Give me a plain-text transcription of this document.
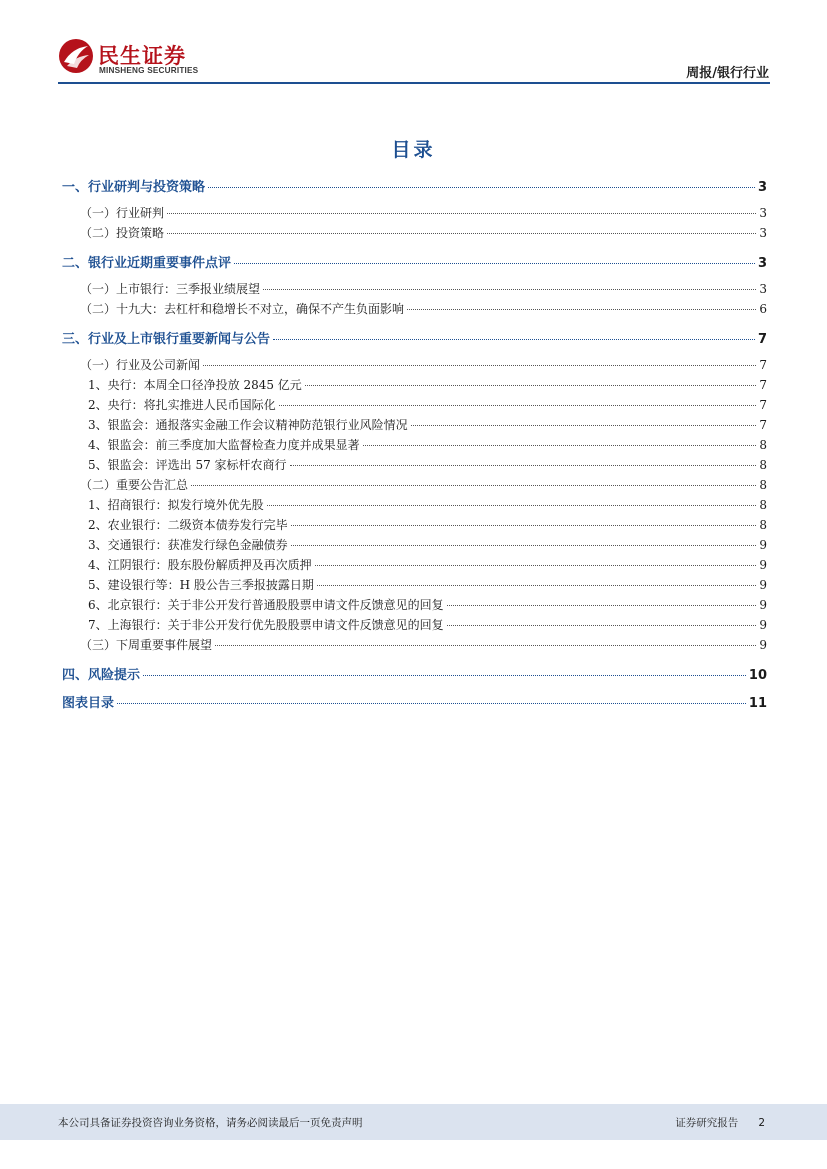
民生证券
MINSHENG SECURITIES	周报/银行行业
目录
一、行业研判与投资策略	3
（一）行业研判	3
（二）投资策略	3
二、银行业近期重要事件点评	3
（一）上市银行：三季报业绩展望	3
（二）十九大：去杠杆和稳增长不对立，确保不产生负面影响	6
三、行业及上市银行重要新闻与公告	7
（一）行业及公司新闻	7
1、央行：本周全口径净投放 2845 亿元	7
2、央行：将扎实推进人民币国际化	7
3、银监会：通报落实金融工作会议精神防范银行业风险情况	7
4、银监会：前三季度加大监督检查力度并成果显著	8
5、银监会：评选出 57 家标杆农商行	8
（二）重要公告汇总	8
1、招商银行：拟发行境外优先股	8
2、农业银行：二级资本债券发行完毕	8
3、交通银行：获准发行绿色金融债券	9
4、江阴银行：股东股份解质押及再次质押	9
5、建设银行等：H 股公告三季报披露日期	9
6、北京银行：关于非公开发行普通股股票申请文件反馈意见的回复	9
7、上海银行：关于非公开发行优先股股票申请文件反馈意见的回复	9
（三）下周重要事件展望	9
四、风险提示	10
图表目录	11
本公司具备证券投资咨询业务资格，请务必阅读最后一页免责声明	证券研究报告 2
